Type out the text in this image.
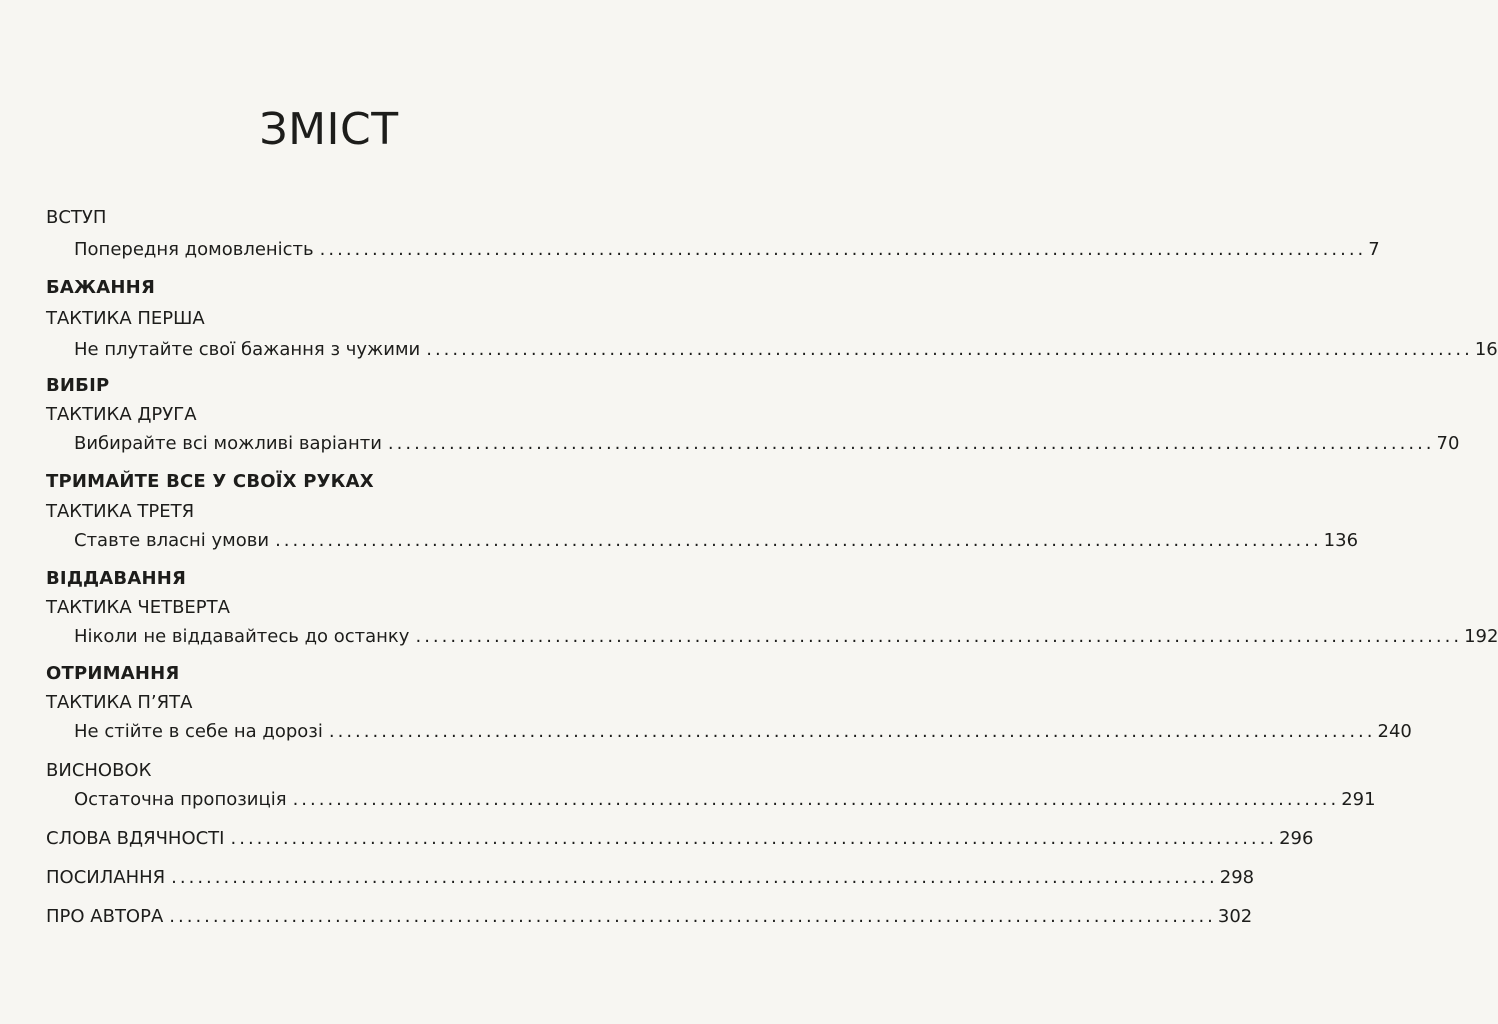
ЗМІСТ
ВСТУП
Попередня домовленість ........................................................................................................................ 7
БАЖАННЯ
ТАКТИКА ПЕРША
Не плутайте свої бажання з чужими ........................................................................................................................ 16
ВИБІР
ТАКТИКА ДРУГА
Вибирайте всі можливі варіанти ........................................................................................................................ 70
ТРИМАЙТЕ ВСЕ У СВОЇХ РУКАХ
ТАКТИКА ТРЕТЯ
Ставте власні умови ........................................................................................................................ 136
ВІДДАВАННЯ
ТАКТИКА ЧЕТВЕРТА
Ніколи не віддавайтесь до останку ........................................................................................................................ 192
ОТРИМАННЯ
ТАКТИКА П’ЯТА
Не стійте в себе на дорозі ........................................................................................................................ 240
ВИСНОВОК
Остаточна пропозиція ........................................................................................................................ 291
СЛОВА ВДЯЧНОСТІ ........................................................................................................................ 296
ПОСИЛАННЯ ........................................................................................................................ 298
ПРО АВТОРА ........................................................................................................................ 302
